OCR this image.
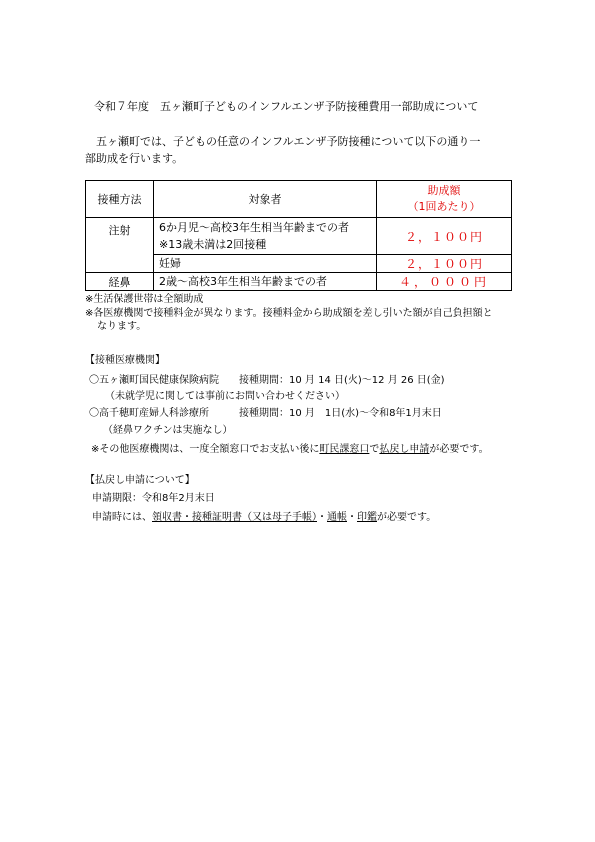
令和７年度　五ヶ瀬町子どものインフルエンザ予防接種費用一部助成について
五ヶ瀬町では、子どもの任意のインフルエンザ予防接種について以下の通り一
部助成を行います。
接種方法	対象者	助成額
（1回あたり）

注射	6か月児～高校3年生相当年齢までの者
※13歳未満は2回接種	２，１００円
	妊婦	２，１００円
経鼻	2歳～高校3年生相当年齢までの者	４，０００円
※生活保護世帯は全額助成
※各医療機関で接種料金が異なります。接種料金から助成額を差し引いた額が自己負担額と
なります。
【接種医療機関】
〇五ヶ瀬町国民健康保険病院　　接種期間：10 月 14 日(火)～12 月 26 日(金)
（未就学児に関しては事前にお問い合わせください）
〇高千穂町産婦人科診療所　　　接種期間：10 月　1日(水)～令和8年1月末日
（経鼻ワクチンは実施なし）
※その他医療機関は、一度全額窓口でお支払い後に町民課窓口で払戻し申請が必要です。
【払戻し申請について】
申請期限：令和8年2月末日
申請時には、領収書・接種証明書（又は母子手帳）・通帳・印鑑が必要です。
